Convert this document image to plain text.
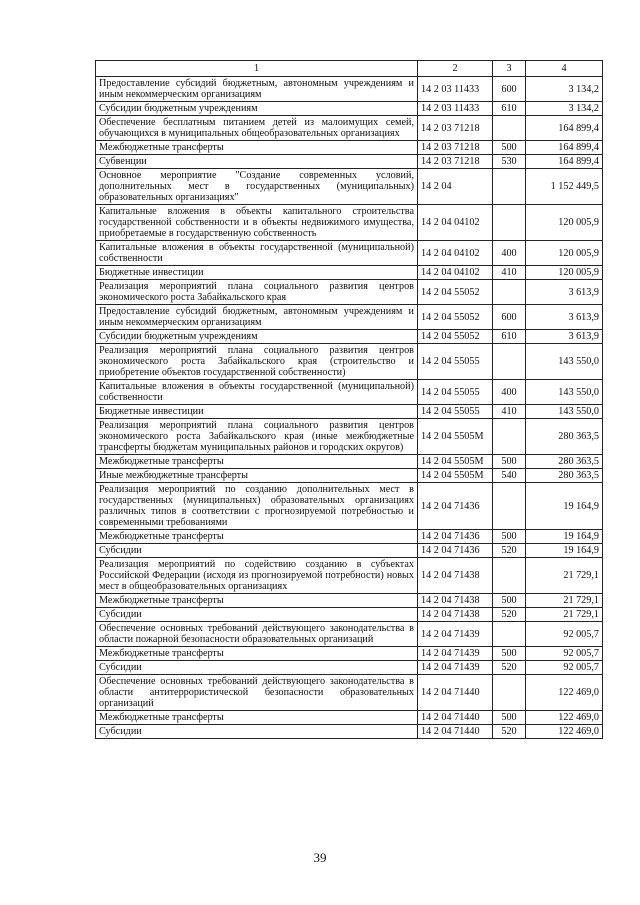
1	2	3	4
Предоставление субсидий бюджетным, автономным учреждениям и иным некоммерческим организациям	14 2 03 11433	600	3 134,2
Субсидии бюджетным учреждениям	14 2 03 11433	610	3 134,2
Обеспечение бесплатным питанием детей из малоимущих семей, обучающихся в муниципальных общеобразовательных организациях	14 2 03 71218		164 899,4
Межбюджетные трансферты	14 2 03 71218	500	164 899,4
Субвенции	14 2 03 71218	530	164 899,4
Основное мероприятие "Создание современных условий, дополнительных мест в государственных (муниципальных) образовательных организациях"	14 2 04		1 152 449,5
Капитальные вложения в объекты капитального строительства государственной собственности и в объекты недвижимого имущества, приобретаемые в государственную собственность	14 2 04 04102		120 005,9
Капитальные вложения в объекты государственной (муниципальной) собственности	14 2 04 04102	400	120 005,9
Бюджетные инвестиции	14 2 04 04102	410	120 005,9
Реализация мероприятий плана социального развития центров экономического роста Забайкальского края	14 2 04 55052		3 613,9
Предоставление субсидий бюджетным, автономным учреждениям и иным некоммерческим организациям	14 2 04 55052	600	3 613,9
Субсидии бюджетным учреждениям	14 2 04 55052	610	3 613,9
Реализация мероприятий плана социального развития центров экономического роста Забайкальского края (строительство и приобретение объектов государственной собственности)	14 2 04 55055		143 550,0
Капитальные вложения в объекты государственной (муниципальной) собственности	14 2 04 55055	400	143 550,0
Бюджетные инвестиции	14 2 04 55055	410	143 550,0
Реализация мероприятий плана социального развития центров экономического роста Забайкальского края (иные межбюджетные трансферты бюджетам муниципальных районов и городских округов)	14 2 04 5505M		280 363,5
Межбюджетные трансферты	14 2 04 5505M	500	280 363,5
Иные межбюджетные трансферты	14 2 04 5505M	540	280 363,5
Реализация мероприятий по созданию дополнительных мест в государственных (муниципальных) образовательных организациях различных типов в соответствии с прогнозируемой потребностью и современными требованиями	14 2 04 71436		19 164,9
Межбюджетные трансферты	14 2 04 71436	500	19 164,9
Субсидии	14 2 04 71436	520	19 164,9
Реализация мероприятий по содействию созданию в субъектах Российской Федерации (исходя из прогнозируемой потребности) новых мест в общеобразовательных организациях	14 2 04 71438		21 729,1
Межбюджетные трансферты	14 2 04 71438	500	21 729,1
Субсидии	14 2 04 71438	520	21 729,1
Обеспечение основных требований действующего законодательства в области пожарной безопасности образовательных организаций	14 2 04 71439		92 005,7
Межбюджетные трансферты	14 2 04 71439	500	92 005,7
Субсидии	14 2 04 71439	520	92 005,7
Обеспечение основных требований действующего законодательства в области антитеррористической безопасности образовательных организаций	14 2 04 71440		122 469,0
Межбюджетные трансферты	14 2 04 71440	500	122 469,0
Субсидии	14 2 04 71440	520	122 469,0
39
